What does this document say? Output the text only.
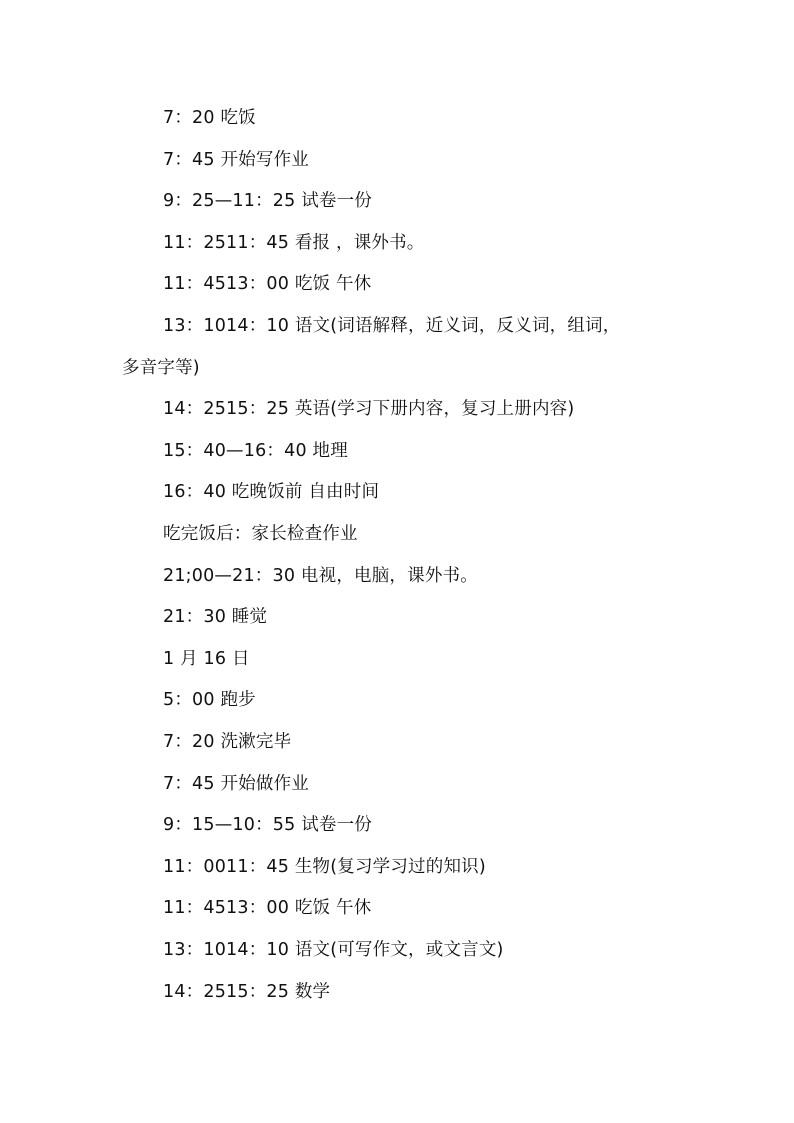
7：20 吃饭
7：45 开始写作业
9：25—11：25 试卷一份
11：2511：45 看报 ，课外书。
11：4513：00 吃饭 午休
13：1014：10 语文(词语解释，近义词，反义词，组词，
多音字等)
14：2515：25 英语(学习下册内容，复习上册内容)
15：40—16：40 地理
16：40 吃晚饭前 自由时间
吃完饭后：家长检查作业
21;00—21：30 电视，电脑，课外书。
21：30 睡觉
1 月 16 日
5：00 跑步
7：20 洗漱完毕
7：45 开始做作业
9：15—10：55 试卷一份
11：0011：45 生物(复习学习过的知识)
11：4513：00 吃饭 午休
13：1014：10 语文(可写作文，或文言文)
14：2515：25 数学
